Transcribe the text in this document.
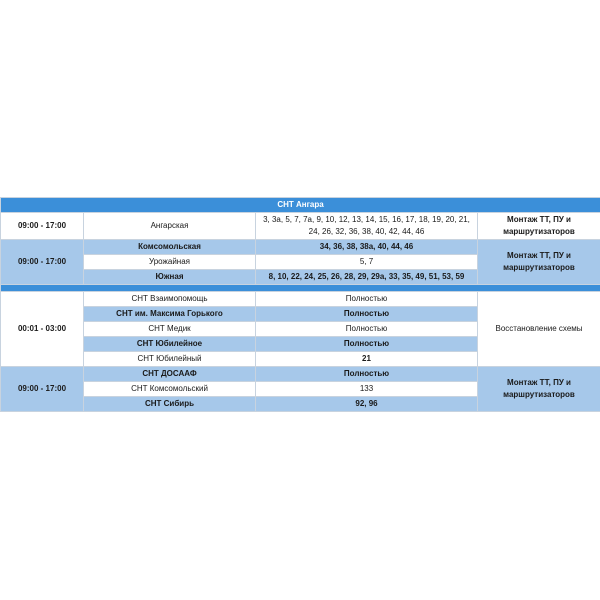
СНТ Ангара			
09:00 - 17:00	Ангарская	3, 3а, 5, 7, 7а, 9, 10, 12, 13, 14, 15, 16, 17, 18, 19, 20, 21, 24, 26, 32, 36, 38, 40, 42, 44, 46	Монтаж ТТ, ПУ и маршрутизаторов
09:00 - 17:00	Комсомольская	34, 36, 38, 38а, 40, 44, 46	Монтаж ТТ, ПУ и маршрутизаторов
	Урожайная	5, 7	
	Южная	8, 10, 22, 24, 25, 26, 28, 29, 29а, 33, 35, 49, 51, 53, 59	

00:01 - 03:00	СНТ Взаимопомощь	Полностью	Восстановление схемы
	СНТ им. Максима Горького	Полностью	
	СНТ Медик	Полностью	
	СНТ Юбилейное	Полностью	
	СНТ Юбилейный	21	
09:00 - 17:00	СНТ ДОСААФ	Полностью	Монтаж ТТ, ПУ и маршрутизаторов
	СНТ Комсомольский	133	
	СНТ Сибирь	92, 96	
